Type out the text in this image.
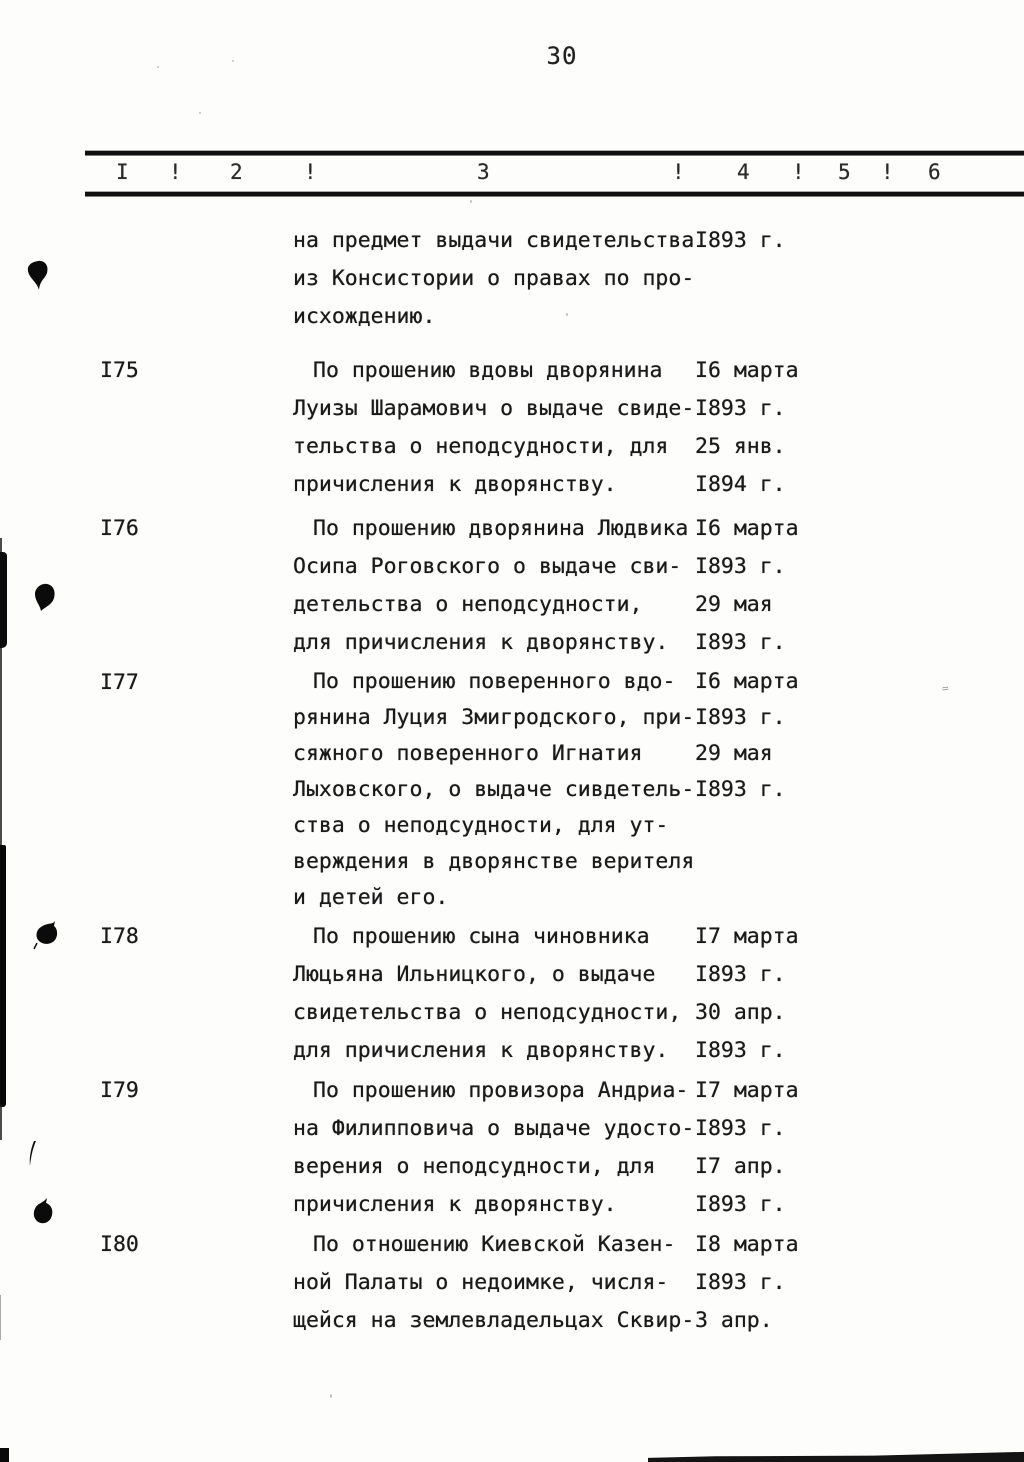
30
I ! 2	!	3	! 4 ! 5 ! 6
на предмет выдачи свидетельства I893 г.
из Консистории о правах по про-
исхождению.
I75	По прошению вдовы дворянина	I6 марта
Луизы Шарамович о выдаче свиде- I893 г.
тельства о неподсудности, для	25 янв.
причисления к дворянству.	I894 г.
I76	По прошению дворянина Людвика I6 марта
Осипа Роговского о выдаче сви- I893 г.
детельства о неподсудности,	29 мая
для причисления к дворянству.	I893 г.
I77	По прошению поверенного вдо- I6 марта
рянина Луция Змигродского, при- I893 г.
сяжного поверенного Игнатия	29 мая
Лыховского, о выдаче сивдетель- I893 г.
ства о неподсудности, для ут-
верждения в дворянстве верителя
и детей его.
I78	По прошению сына чиновника	I7 марта
Люцьяна Ильницкого, о выдаче	I893 г.
свидетельства о неподсудности, 30 апр.
для причисления к дворянству.	I893 г.
I79	По прошению провизора Андриа- I7 марта
на Филипповича о выдаче удосто- I893 г.
верения о неподсудности, для	I7 апр.
причисления к дворянству.	I893 г.
I80	По отношению Киевской Казен- I8 марта
ной Палаты о недоимке, числя-	I893 г.
щейся на землевладельцах Сквир- 3 апр.
≃
